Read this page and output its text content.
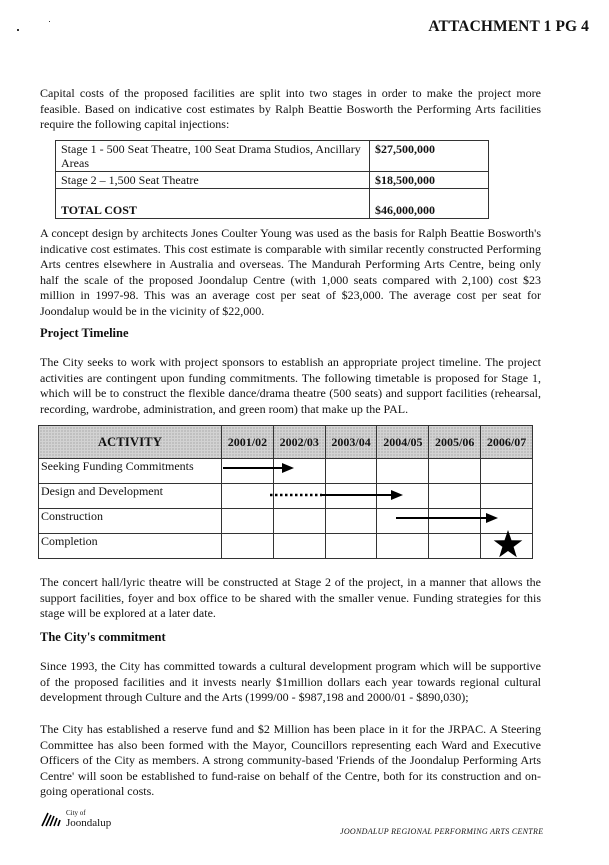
ATTACHMENT 1 PG 4

Capital costs of the proposed facilities are split into two stages in order to make the project more feasible. Based on indicative cost estimates by Ralph Beattie Bosworth the Performing Arts facilities require the following capital injections:

Stage 1 - 500 Seat Theatre, 100 Seat Drama Studios, Ancillary Areas	$27,500,000
Stage 2 – 1,500 Seat Theatre	$18,500,000
TOTAL COST	$46,000,000

A concept design by architects Jones Coulter Young was used as the basis for Ralph Beattie Bosworth's indicative cost estimates. This cost estimate is comparable with similar recently constructed Performing Arts centres elsewhere in Australia and overseas. The Mandurah Performing Arts Centre, being only half the scale of the proposed Joondalup Centre (with 1,000 seats compared with 2,100) cost $23 million in 1997-98. This was an average cost per seat of $23,000. The average cost per seat for Joondalup would be in the vicinity of $22,000.

Project Timeline

The City seeks to work with project sponsors to establish an appropriate project timeline. The project activities are contingent upon funding commitments. The following timetable is proposed for Stage 1, which will be to construct the flexible dance/drama theatre (500 seats) and support facilities (rehearsal, recording, wardrobe, administration, and green room) that make up the PAL.

ACTIVITY	2001/02	2002/03	2003/04	2004/05	2005/06	2006/07
Seeking Funding Commitments						
Design and Development						
Construction						
Completion						

The concert hall/lyric theatre will be constructed at Stage 2 of the project, in a manner that allows the support facilities, foyer and box office to be shared with the smaller venue. Funding strategies for this stage will be explored at a later date.

The City's commitment

Since 1993, the City has committed towards a cultural development program which will be supportive of the proposed facilities and it invests nearly $1million dollars each year towards regional cultural development through Culture and the Arts (1999/00 - $987,198 and 2000/01 - $890,030);

The City has established a reserve fund and $2 Million has been place in it for the JRPAC. A Steering Committee has also been formed with the Mayor, Councillors representing each Ward and Executive Officers of the City as members. A strong community-based 'Friends of the Joondalup Performing Arts Centre' will soon be established to fund-raise on behalf of the Centre, both for its construction and on-going operational costs.

City of
Joondalup
JOONDALUP REGIONAL PERFORMING ARTS CENTRE
